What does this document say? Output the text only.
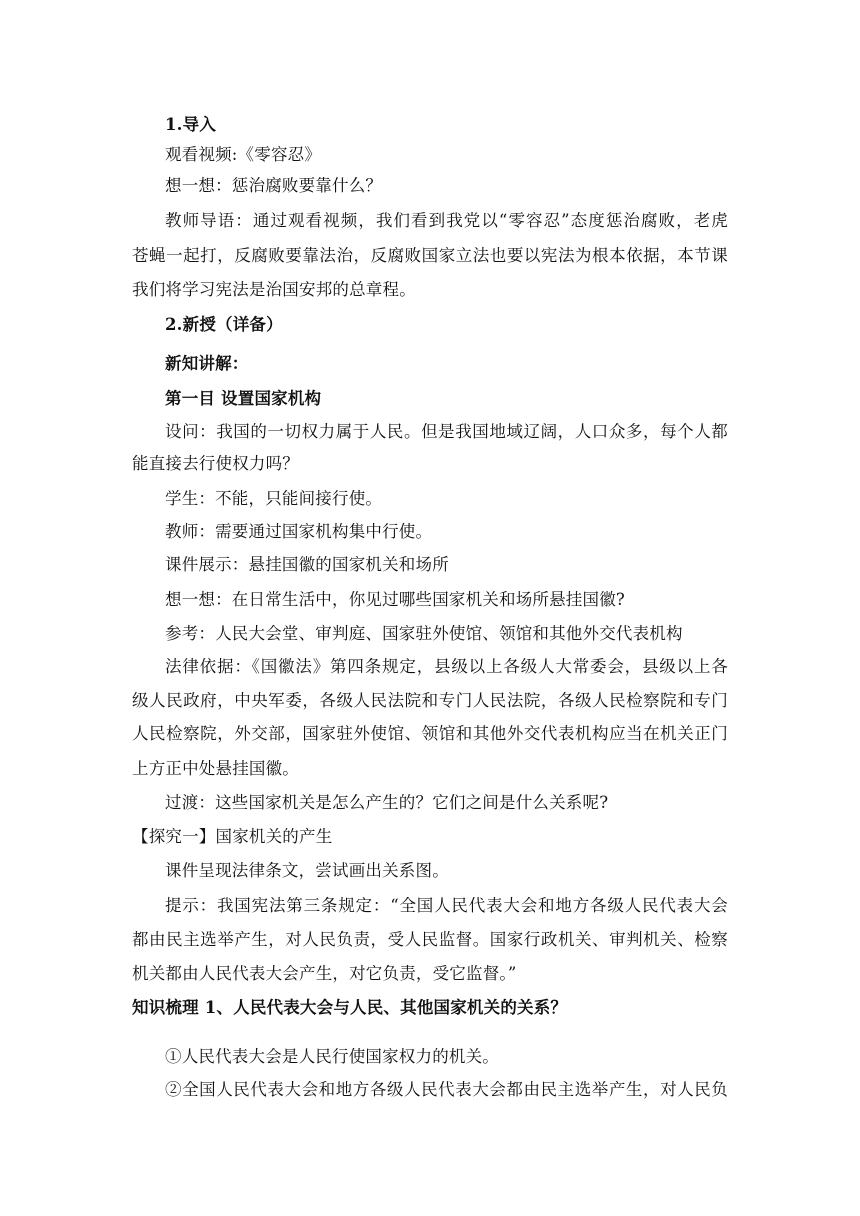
1.导入
观看视频:《零容忍》
想一想：惩治腐败要靠什么？
教师导语：通过观看视频，我们看到我党以“零容忍”态度惩治腐败，老虎
苍蝇一起打，反腐败要靠法治，反腐败国家立法也要以宪法为根本依据，本节课
我们将学习宪法是治国安邦的总章程。
2.新授（详备）
新知讲解：
第一目 设置国家机构
设问：我国的一切权力属于人民。但是我国地域辽阔，人口众多，每个人都
能直接去行使权力吗？
学生：不能，只能间接行使。
教师：需要通过国家机构集中行使。
课件展示：悬挂国徽的国家机关和场所
想一想：在日常生活中，你见过哪些国家机关和场所悬挂国徽?
参考：人民大会堂、审判庭、国家驻外使馆、领馆和其他外交代表机构
法律依据：《国徽法》第四条规定，县级以上各级人大常委会，县级以上各
级人民政府，中央军委，各级人民法院和专门人民法院，各级人民检察院和专门
人民检察院，外交部，国家驻外使馆、领馆和其他外交代表机构应当在机关正门
上方正中处悬挂国徽。
过渡：这些国家机关是怎么产生的？它们之间是什么关系呢?
【探究一】国家机关的产生
课件呈现法律条文，尝试画出关系图。
提示：我国宪法第三条规定：“全国人民代表大会和地方各级人民代表大会
都由民主选举产生，对人民负责，受人民监督。国家行政机关、审判机关、检察
机关都由人民代表大会产生，对它负责，受它监督。”
知识梳理 1、人民代表大会与人民、其他国家机关的关系？
①人民代表大会是人民行使国家权力的机关。
②全国人民代表大会和地方各级人民代表大会都由民主选举产生，对人民负
